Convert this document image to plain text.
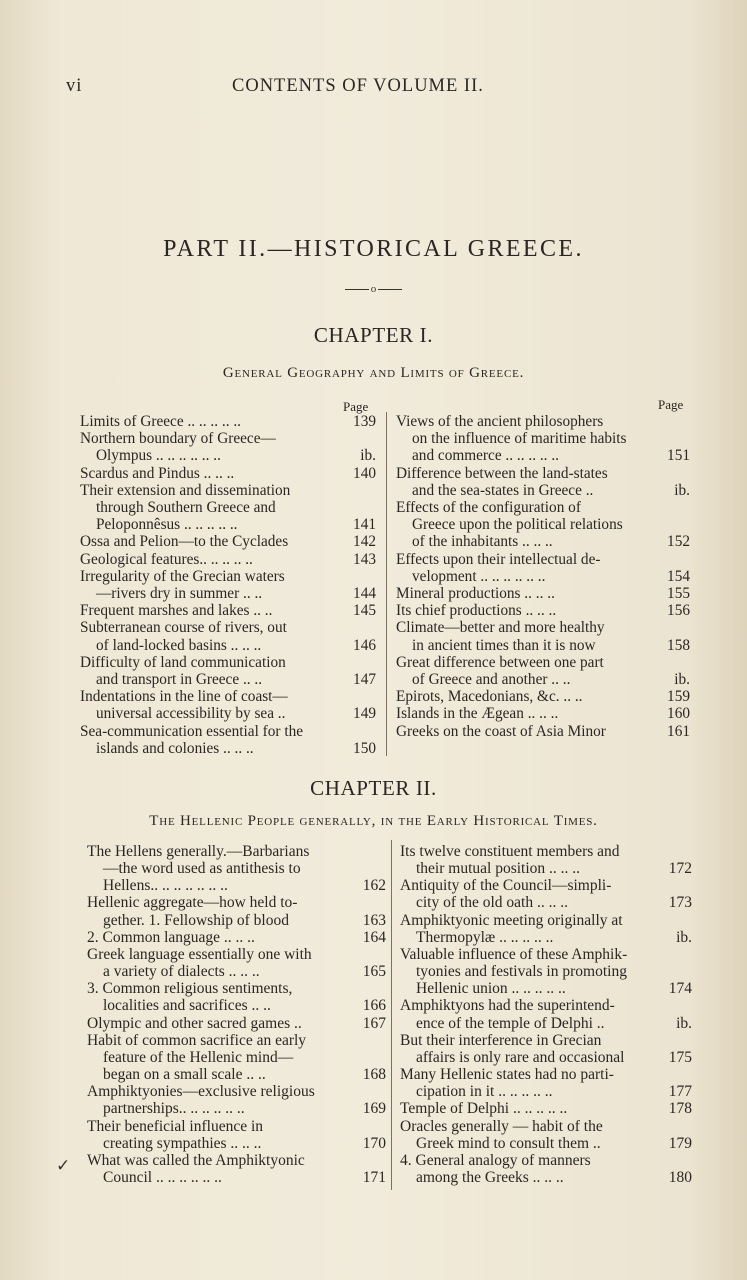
vi	CONTENTS OF VOLUME II.
PART II.—HISTORICAL GREECE.
o
CHAPTER I.
General Geography and Limits of Greece.
Page	Page
Limits of Greece .. .. .. .. ..	139
Northern boundary of Greece—
Olympus .. .. .. .. .. ..	ib.
Scardus and Pindus .. .. ..	140
Their extension and dissemination
through Southern Greece and
Peloponnêsus .. .. .. .. ..	141
Ossa and Pelion—to the Cyclades	142
Geological features.. .. .. .. ..	143
Irregularity of the Grecian waters
—rivers dry in summer .. ..	144
Frequent marshes and lakes .. ..	145
Subterranean course of rivers, out
of land-locked basins .. .. ..	146
Difficulty of land communication
and transport in Greece .. ..	147
Indentations in the line of coast—
universal accessibility by sea ..	149
Sea-communication essential for the
islands and colonies .. .. ..	150
Views of the ancient philosophers
on the influence of maritime habits
and commerce .. .. .. .. ..	151
Difference between the land-states
and the sea-states in Greece ..	ib.
Effects of the configuration of
Greece upon the political relations
of the inhabitants .. .. ..	152
Effects upon their intellectual de-
velopment .. .. .. .. .. ..	154
Mineral productions .. .. ..	155
Its chief productions .. .. ..	156
Climate—better and more healthy
in ancient times than it is now	158
Great difference between one part
of Greece and another .. ..	ib.
Epirots, Macedonians, &c. .. ..	159
Islands in the Ægean .. .. ..	160
Greeks on the coast of Asia Minor	161
CHAPTER II.
The Hellenic People generally, in the Early Historical Times.
The Hellens generally.—Barbarians
—the word used as antithesis to
Hellens.. .. .. .. .. .. ..	162
Hellenic aggregate—how held to-
gether. 1. Fellowship of blood	163
2. Common language .. .. ..	164
Greek language essentially one with
a variety of dialects .. .. ..	165
3. Common religious sentiments,
localities and sacrifices .. ..	166
Olympic and other sacred games ..	167
Habit of common sacrifice an early
feature of the Hellenic mind—
began on a small scale .. ..	168
Amphiktyonies—exclusive religious
partnerships.. .. .. .. .. ..	169
Their beneficial influence in
creating sympathies .. .. ..	170
What was called the Amphiktyonic
Council .. .. .. .. .. ..	171
Its twelve constituent members and
their mutual position .. .. ..	172
Antiquity of the Council—simpli-
city of the old oath .. .. ..	173
Amphiktyonic meeting originally at
Thermopylæ .. .. .. .. ..	ib.
Valuable influence of these Amphik-
tyonies and festivals in promoting
Hellenic union .. .. .. .. ..	174
Amphiktyons had the superintend-
ence of the temple of Delphi ..	ib.
But their interference in Grecian
affairs is only rare and occasional	175
Many Hellenic states had no parti-
cipation in it .. .. .. .. ..	177
Temple of Delphi .. .. .. .. ..	178
Oracles generally — habit of the
Greek mind to consult them ..	179
4. General analogy of manners
among the Greeks .. .. ..	180
✓
